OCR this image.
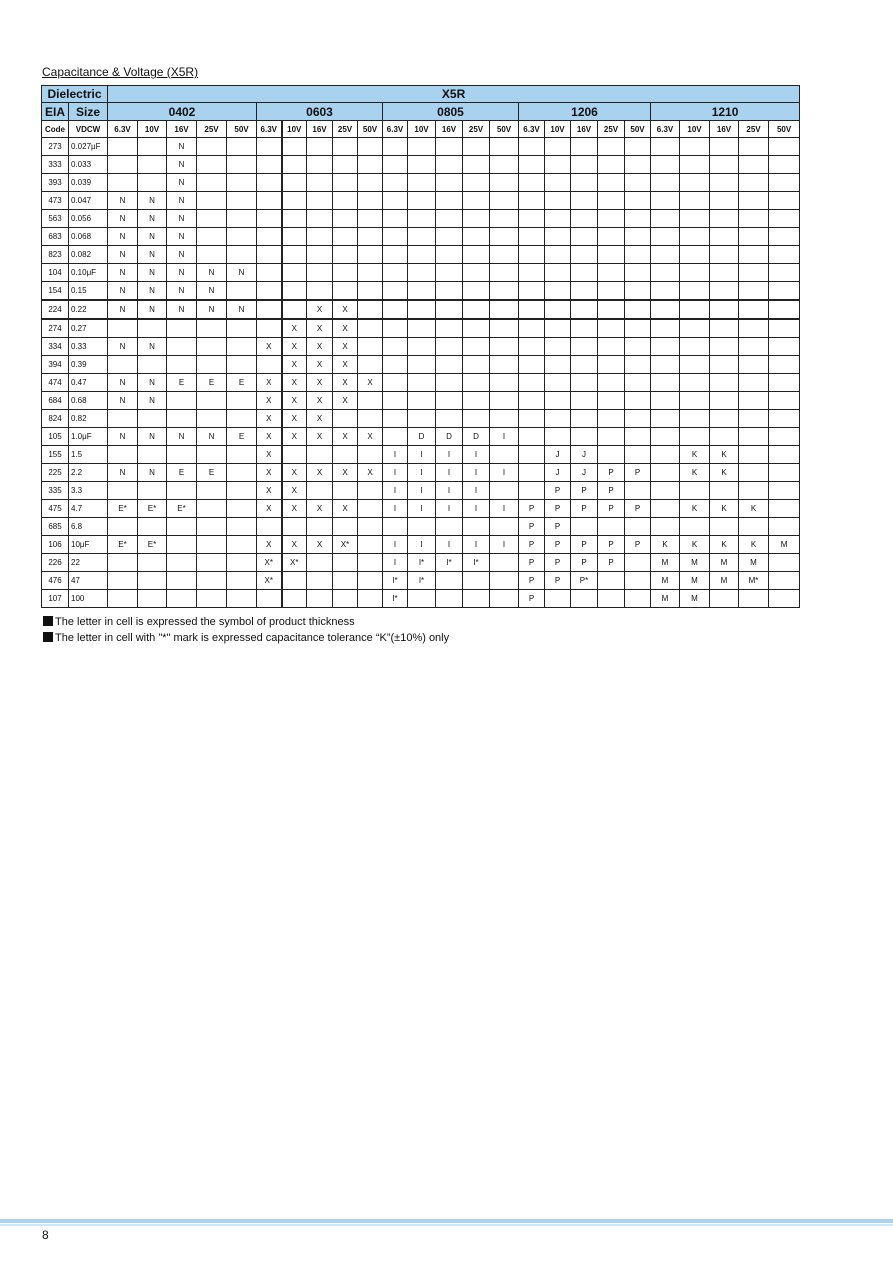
Capacitance & Voltage (X5R)
Dielectric		X5R																								
EIA	Size	0402					0603					0805					1206					1210				
Code	VDCW	6.3V	10V	16V	25V	50V	6.3V	10V	16V	25V	50V	6.3V	10V	16V	25V	50V	6.3V	10V	16V	25V	50V	6.3V	10V	16V	25V	50V
273	0.027μF			N																						
333	0.033			N																						
393	0.039			N																						
473	0.047	N	N	N																						
563	0.056	N	N	N																						
683	0.068	N	N	N																						
823	0.082	N	N	N																						
104	0.10μF	N	N	N	N	N																				
154	0.15	N	N	N	N																					
224	0.22	N	N	N	N	N			X	X																
274	0.27							X	X	X																
334	0.33	N	N				X	X	X	X																
394	0.39							X	X	X																
474	0.47	N	N	E	E	E	X	X	X	X	X															
684	0.68	N	N				X	X	X	X																
824	0.82						X	X	X																	
105	1.0μF	N	N	N	N	E	X	X	X	X	X		D	D	D	I										
155	1.5						X					I	I	I	I			J	J				K	K		
225	2.2	N	N	E	E		X	X	X	X	X	I	I	I	I	I		J	J	P	P		K	K		
335	3.3						X	X				I	I	I	I			P	P	P						
475	4.7	E*	E*	E*			X	X	X	X		I	I	I	I	I	P	P	P	P	P		K	K	K	
685	6.8																P	P								
106	10μF	E*	E*				X	X	X	X*		I	I	I	I	I	P	P	P	P	P	K	K	K	K	M
226	22						X*	X*				I	I*	I*	I*		P	P	P	P		M	M	M	M	
476	47						X*					I*	I*				P	P	P*			M	M	M	M*	
107	100											I*					P					M	M			
The letter in cell is expressed the symbol of product thickness
The letter in cell with "*" mark is expressed capacitance tolerance “K”(±10%) only
8
